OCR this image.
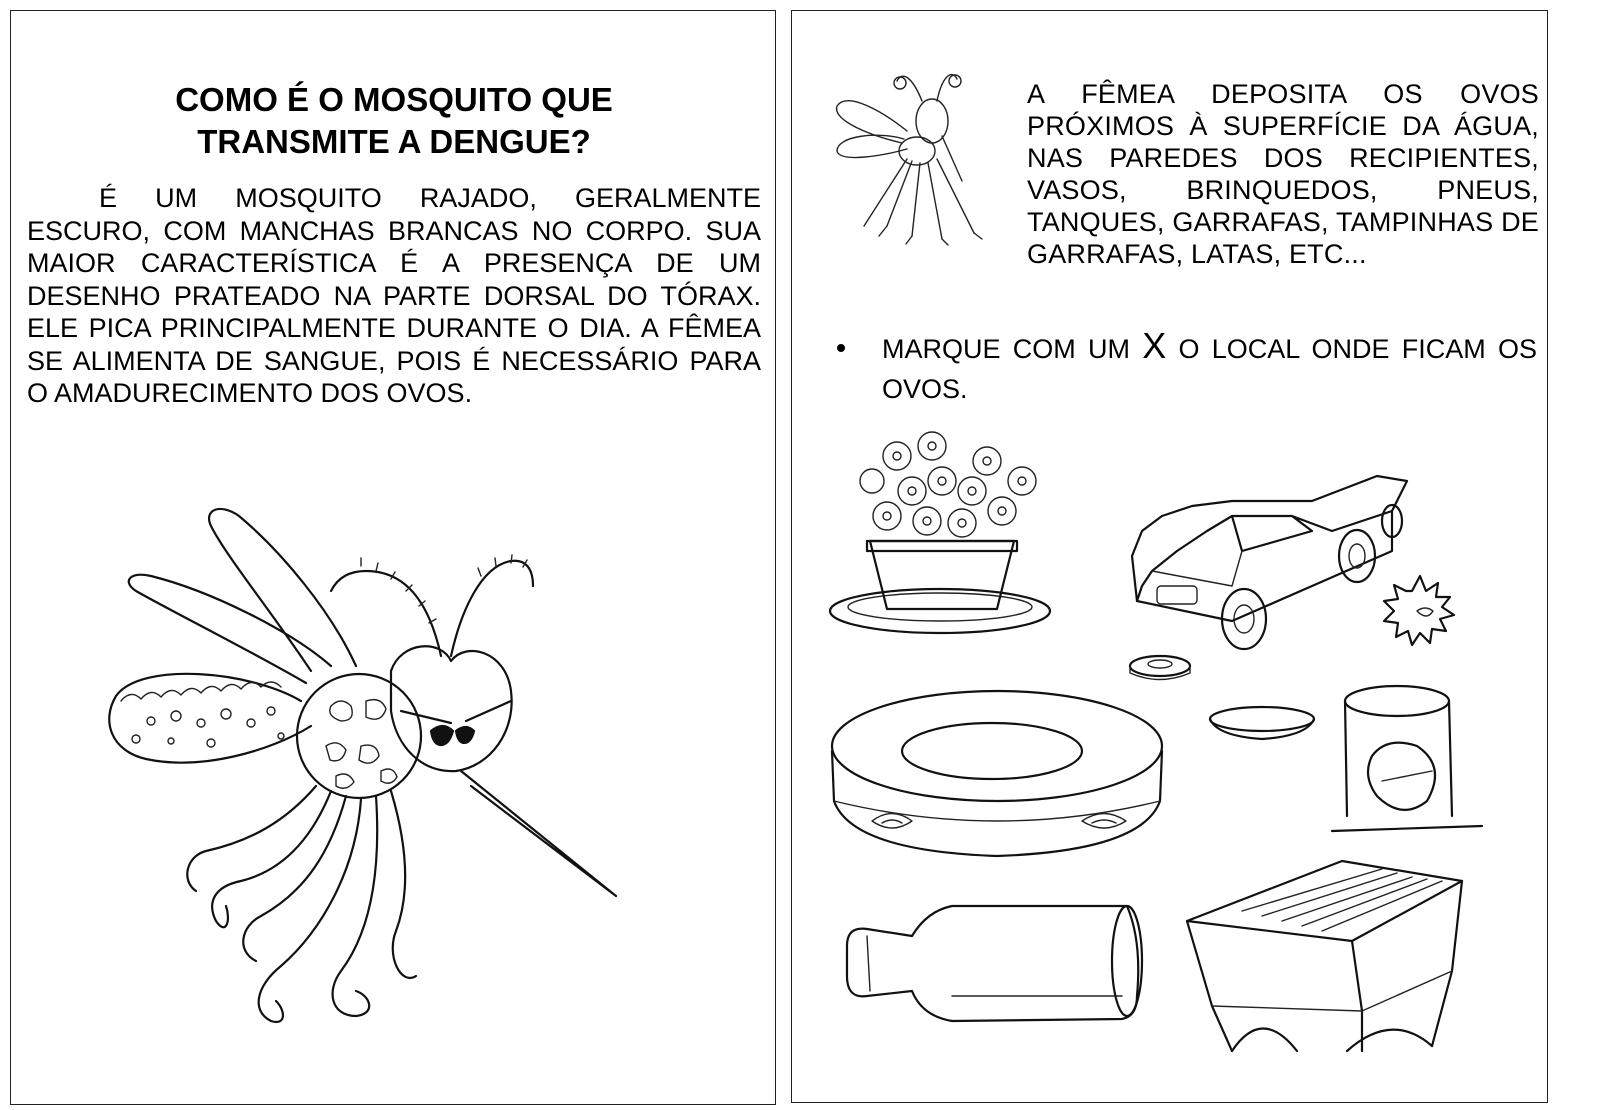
COMO É O MOSQUITO QUE
TRANSMITE A DENGUE?
É UM MOSQUITO RAJADO, GERALMENTE ESCURO, COM MANCHAS BRANCAS NO CORPO. SUA MAIOR CARACTERÍSTICA É A PRESENÇA DE UM DESENHO PRATEADO NA PARTE DORSAL DO TÓRAX. ELE PICA PRINCIPALMENTE DURANTE O DIA. A FÊMEA SE ALIMENTA DE SANGUE, POIS É NECESSÁRIO PARA O AMADURECIMENTO DOS OVOS.
A FÊMEA DEPOSITA OS OVOS PRÓXIMOS À SUPERFÍCIE DA ÁGUA, NAS PAREDES DOS RECIPIENTES, VASOS, BRINQUEDOS, PNEUS, TANQUES, GARRAFAS, TAMPINHAS DE GARRAFAS, LATAS, ETC...
MARQUE COM UM X O LOCAL ONDE FICAM OS OVOS.
